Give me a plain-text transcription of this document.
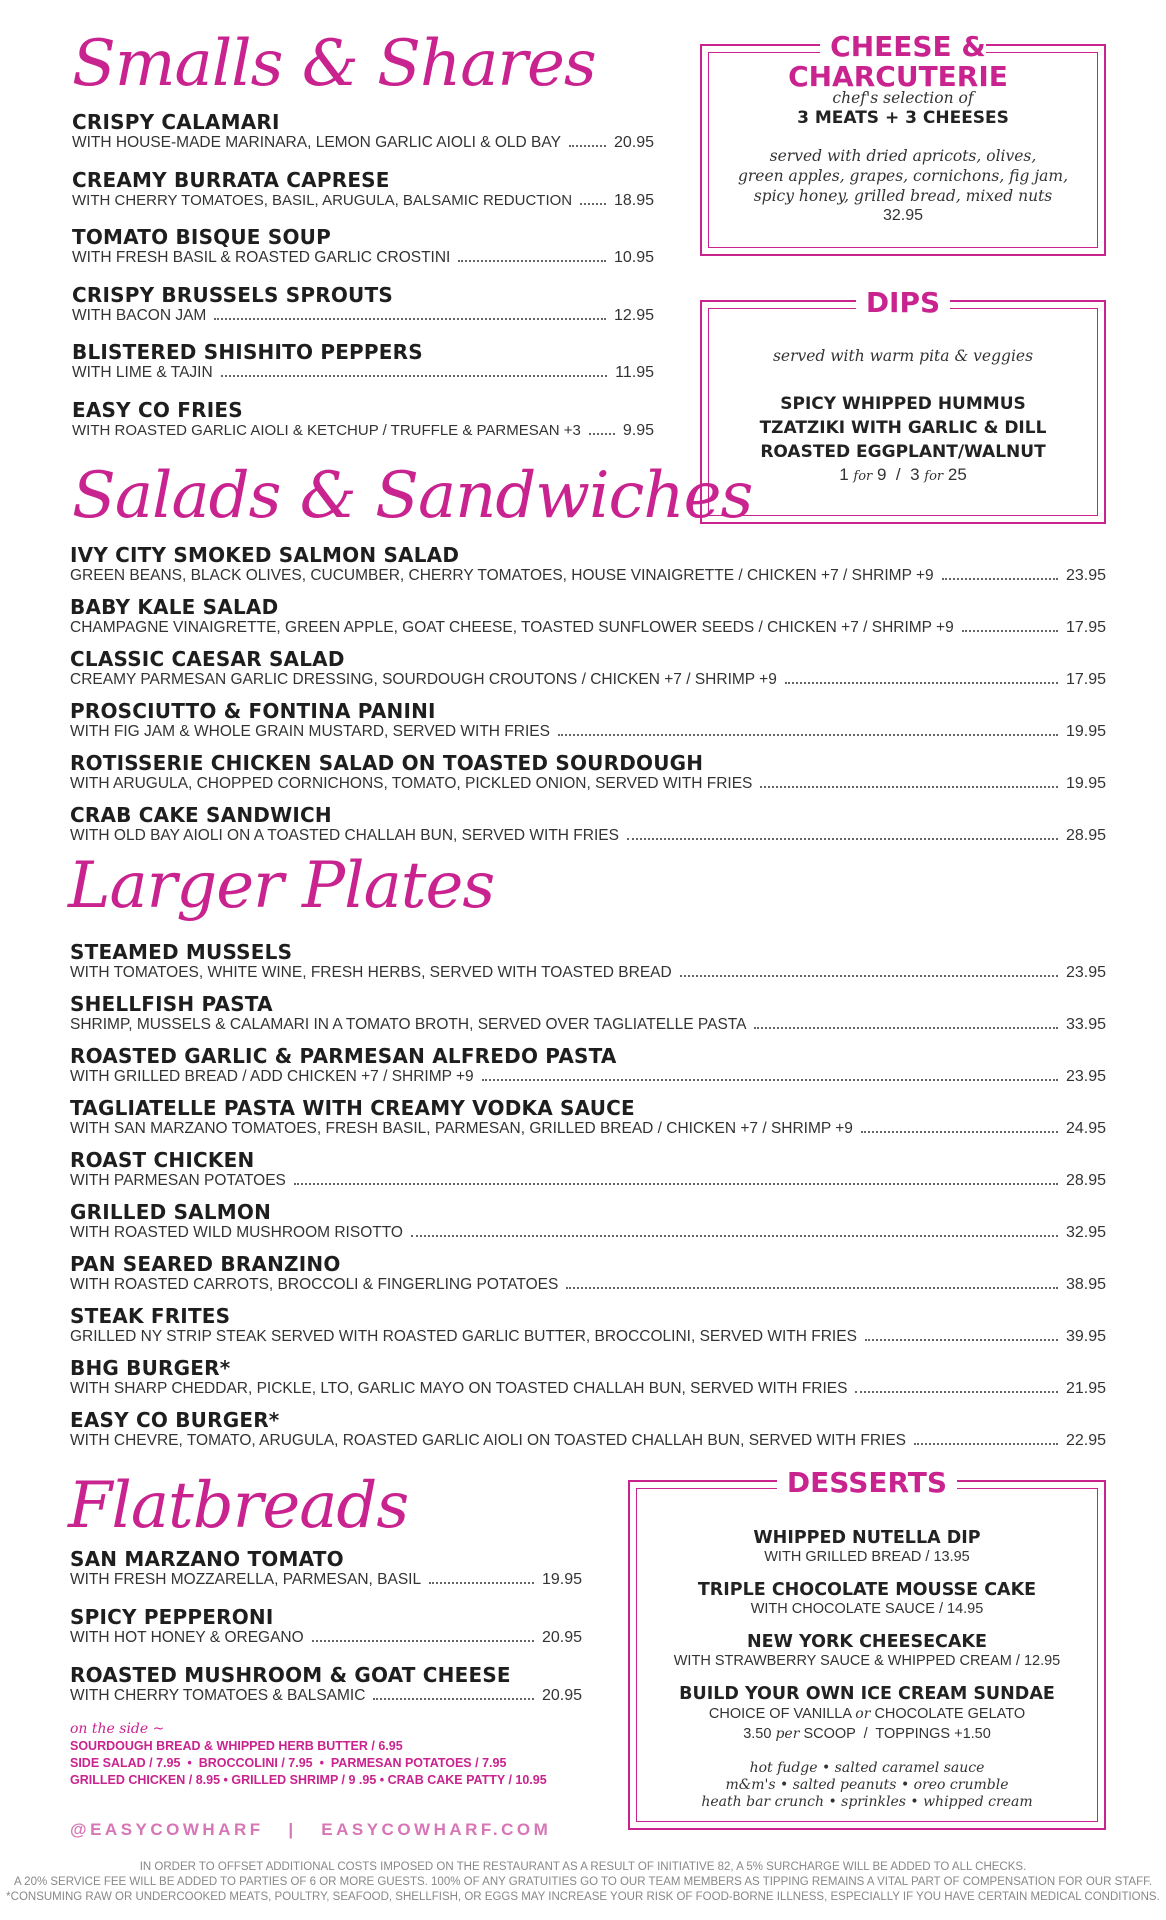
Smalls & Shares
CRISPY CALAMARI
WITH HOUSE-MADE MARINARA, LEMON GARLIC AIOLI & OLD BAY	20.95
CREAMY BURRATA CAPRESE
WITH CHERRY TOMATOES, BASIL, ARUGULA, BALSAMIC REDUCTION	18.95
TOMATO BISQUE SOUP
WITH FRESH BASIL & ROASTED GARLIC CROSTINI	10.95
CRISPY BRUSSELS SPROUTS
WITH BACON JAM	12.95
BLISTERED SHISHITO PEPPERS
WITH LIME & TAJIN	11.95
EASY CO FRIES
WITH ROASTED GARLIC AIOLI & KETCHUP / TRUFFLE & PARMESAN +3	9.95
CHEESE & CHARCUTERIE
chef's selection of
3 MEATS + 3 CHEESES
served with dried apricots, olives,
green apples, grapes, cornichons, fig jam,
spicy honey, grilled bread, mixed nuts
32.95
DIPS
served with warm pita & veggies
SPICY WHIPPED HUMMUS
TZATZIKI WITH GARLIC & DILL
ROASTED EGGPLANT/WALNUT
1 for 9 / 3 for 25
Salads & Sandwiches
IVY CITY SMOKED SALMON SALAD
GREEN BEANS, BLACK OLIVES, CUCUMBER, CHERRY TOMATOES, HOUSE VINAIGRETTE / CHICKEN +7 / SHRIMP +9	23.95
BABY KALE SALAD
CHAMPAGNE VINAIGRETTE, GREEN APPLE, GOAT CHEESE, TOASTED SUNFLOWER SEEDS / CHICKEN +7 / SHRIMP +9	17.95
CLASSIC CAESAR SALAD
CREAMY PARMESAN GARLIC DRESSING, SOURDOUGH CROUTONS / CHICKEN +7 / SHRIMP +9	17.95
PROSCIUTTO & FONTINA PANINI
WITH FIG JAM & WHOLE GRAIN MUSTARD, SERVED WITH FRIES	19.95
ROTISSERIE CHICKEN SALAD ON TOASTED SOURDOUGH
WITH ARUGULA, CHOPPED CORNICHONS, TOMATO, PICKLED ONION, SERVED WITH FRIES	19.95
CRAB CAKE SANDWICH
WITH OLD BAY AIOLI ON A TOASTED CHALLAH BUN, SERVED WITH FRIES	28.95
Larger Plates
STEAMED MUSSELS
WITH TOMATOES, WHITE WINE, FRESH HERBS, SERVED WITH TOASTED BREAD	23.95
SHELLFISH PASTA
SHRIMP, MUSSELS & CALAMARI IN A TOMATO BROTH, SERVED OVER TAGLIATELLE PASTA	33.95
ROASTED GARLIC & PARMESAN ALFREDO PASTA
WITH GRILLED BREAD / ADD CHICKEN +7 / SHRIMP +9	23.95
TAGLIATELLE PASTA WITH CREAMY VODKA SAUCE
WITH SAN MARZANO TOMATOES, FRESH BASIL, PARMESAN, GRILLED BREAD / CHICKEN +7 / SHRIMP +9	24.95
ROAST CHICKEN
WITH PARMESAN POTATOES	28.95
GRILLED SALMON
WITH ROASTED WILD MUSHROOM RISOTTO	32.95
PAN SEARED BRANZINO
WITH ROASTED CARROTS, BROCCOLI & FINGERLING POTATOES	38.95
STEAK FRITES
GRILLED NY STRIP STEAK SERVED WITH ROASTED GARLIC BUTTER, BROCCOLINI, SERVED WITH FRIES	39.95
BHG BURGER*
WITH SHARP CHEDDAR, PICKLE, LTO, GARLIC MAYO ON TOASTED CHALLAH BUN, SERVED WITH FRIES	21.95
EASY CO BURGER*
WITH CHEVRE, TOMATO, ARUGULA, ROASTED GARLIC AIOLI ON TOASTED CHALLAH BUN, SERVED WITH FRIES	22.95
Flatbreads
SAN MARZANO TOMATO
WITH FRESH MOZZARELLA, PARMESAN, BASIL	19.95
SPICY PEPPERONI
WITH HOT HONEY & OREGANO	20.95
ROASTED MUSHROOM & GOAT CHEESE
WITH CHERRY TOMATOES & BALSAMIC	20.95
on the side ~
SOURDOUGH BREAD & WHIPPED HERB BUTTER / 6.95
SIDE SALAD / 7.95  •  BROCCOLINI / 7.95  •  PARMESAN POTATOES / 7.95
GRILLED CHICKEN / 8.95 • GRILLED SHRIMP / 9 .95 • CRAB CAKE PATTY / 10.95
@EASYCOWHARF | EASYCOWHARF.COM
DESSERTS
WHIPPED NUTELLA DIP
WITH GRILLED BREAD / 13.95
TRIPLE CHOCOLATE MOUSSE CAKE
WITH CHOCOLATE SAUCE / 14.95
NEW YORK CHEESECAKE
WITH STRAWBERRY SAUCE & WHIPPED CREAM / 12.95
BUILD YOUR OWN ICE CREAM SUNDAE
CHOICE OF VANILLA or CHOCOLATE GELATO
3.50 per SCOOP  /  TOPPINGS +1.50
hot fudge • salted caramel sauce
m&m's • salted peanuts • oreo crumble
heath bar crunch • sprinkles • whipped cream
IN ORDER TO OFFSET ADDITIONAL COSTS IMPOSED ON THE RESTAURANT AS A RESULT OF INITIATIVE 82, A 5% SURCHARGE WILL BE ADDED TO ALL CHECKS.
A 20% SERVICE FEE WILL BE ADDED TO PARTIES OF 6 OR MORE GUESTS. 100% OF ANY GRATUITIES GO TO OUR TEAM MEMBERS AS TIPPING REMAINS A VITAL PART OF COMPENSATION FOR OUR STAFF.
*CONSUMING RAW OR UNDERCOOKED MEATS, POULTRY, SEAFOOD, SHELLFISH, OR EGGS MAY INCREASE YOUR RISK OF FOOD-BORNE ILLNESS, ESPECIALLY IF YOU HAVE CERTAIN MEDICAL CONDITIONS.
